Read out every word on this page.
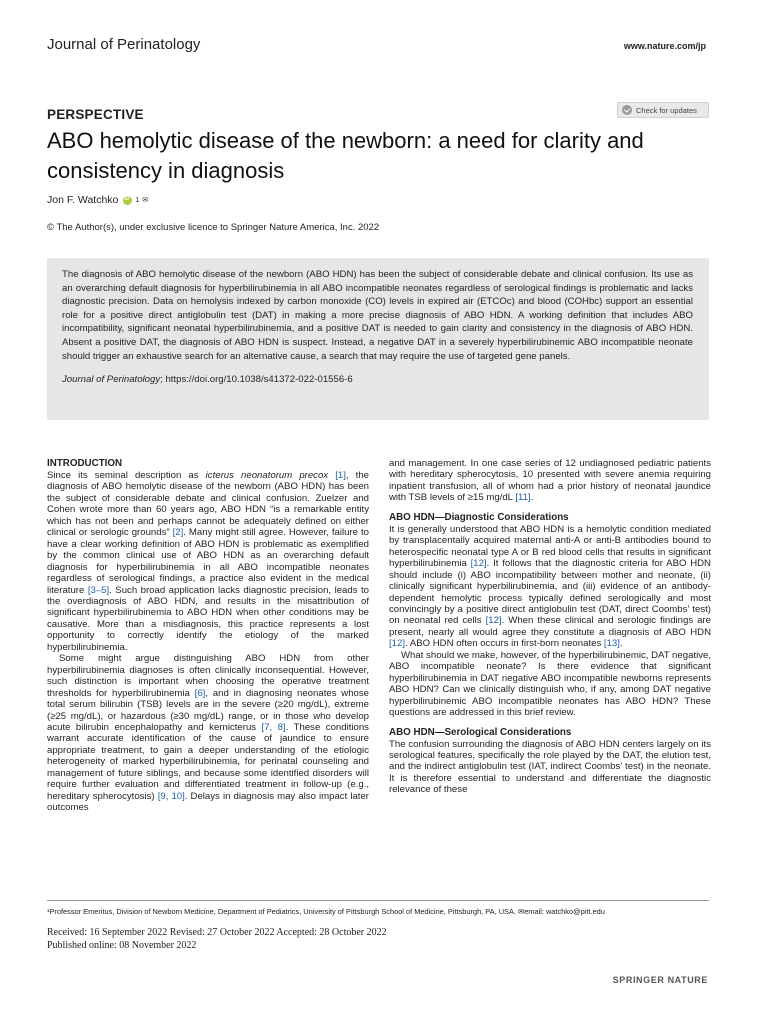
Journal of Perinatology	www.nature.com/jp
PERSPECTIVE	Check for updates
ABO hemolytic disease of the newborn: a need for clarity and consistency in diagnosis
Jon F. Watchko
iD 1 ✉
© The Author(s), under exclusive licence to Springer Nature America, Inc. 2022

The diagnosis of ABO hemolytic disease of the newborn (ABO HDN) has been the subject of considerable debate and clinical confusion. Its use as an overarching default diagnosis for hyperbilirubinemia in all ABO incompatible neonates regardless of serological findings is problematic and lacks diagnostic precision. Data on hemolysis indexed by carbon monoxide (CO) levels in expired air (ETCOc) and blood (COHbc) support an essential role for a positive direct antiglobulin test (DAT) in making a more precise diagnosis of ABO HDN. A working definition that includes ABO incompatibility, significant neonatal hyperbilirubinemia, and a positive DAT is needed to gain clarity and consistency in the diagnosis of ABO HDN. Absent a positive DAT, the diagnosis of ABO HDN is suspect. Instead, a negative DAT in a severely hyperbilirubinemic ABO incompatible neonate should trigger an exhaustive search for an alternative cause, a search that may require the use of targeted gene panels.

Journal of Perinatology; https://doi.org/10.1038/s41372-022-01556-6

INTRODUCTION

Since its seminal description as icterus neonatorum precox [1], the diagnosis of ABO hemolytic disease of the newborn (ABO HDN) has been the subject of considerable debate and clinical confusion. Zuelzer and Cohen wrote more than 60 years ago, ABO HDN “is a remarkable entity which has not been and perhaps cannot be adequately defined on either clinical or serologic grounds” [2]. Many might still agree. However, failure to have a clear working definition of ABO HDN is problematic as exemplified by the common clinical use of ABO HDN as an overarching default diagnosis for hyperbilirubinemia in all ABO incompatible neonates regardless of serological findings, a practice also evident in the medical literature [3–5]. Such broad application lacks diagnostic precision, leads to the overdiagnosis of ABO HDN, and results in the misattribution of significant hyperbilirubinemia to ABO HDN when other conditions may be causative. More than a misdiagnosis, this practice represents a lost opportunity to correctly identify the etiology of the marked hyperbilirubinemia.

Some might argue distinguishing ABO HDN from other hyperbilirubinemia diagnoses is often clinically inconsequential. However, such distinction is important when choosing the operative treatment thresholds for hyperbilirubinemia [6], and in diagnosing neonates whose total serum bilirubin (TSB) levels are in the severe (≥20 mg/dL), extreme (≥25 mg/dL), or hazardous (≥30 mg/dL) range, or in those who develop acute bilirubin encephalopathy and kernicterus [7, 8]. These conditions warrant accurate identification of the cause of jaundice to ensure appropriate treatment, to gain a deeper understanding of the etiologic heterogeneity of marked hyperbilirubinemia, for perinatal counseling and management of future siblings, and because some identified disorders will require further evaluation and differentiated treatment in follow-up (e.g., hereditary spherocytosis) [9, 10]. Delays in diagnosis may also impact later outcomes

and management. In one case series of 12 undiagnosed pediatric patients with hereditary spherocytosis, 10 presented with severe anemia requiring inpatient transfusion, all of whom had a prior history of neonatal jaundice with TSB levels of ≥15 mg/dL [11].

ABO HDN—Diagnostic Considerations

It is generally understood that ABO HDN is a hemolytic condition mediated by transplacentally acquired maternal anti-A or anti-B antibodies bound to heterospecific neonatal type A or B red blood cells that results in significant hyperbilirubinemia [12]. It follows that the diagnostic criteria for ABO HDN should include (i) ABO incompatibility between mother and neonate, (ii) clinically significant hyperbilirubinemia, and (iii) evidence of an antibody-dependent hemolytic process typically defined serologically and most convincingly by a positive direct antiglobulin test (DAT, direct Coombs’ test) on neonatal red cells [12]. When these clinical and serologic findings are present, nearly all would agree they constitute a diagnosis of ABO HDN [12]. ABO HDN often occurs in first-born neonates [13].

What should we make, however, of the hyperbilirubinemic, DAT negative, ABO incompatible neonate? Is there evidence that significant hyperbilirubinemia in DAT negative ABO incompatible newborns represents ABO HDN? Can we clinically distinguish who, if any, among DAT negative hyperbilirubinemic ABO incompatible neonates has ABO HDN? These questions are addressed in this brief review.

ABO HDN—Serological Considerations

The confusion surrounding the diagnosis of ABO HDN centers largely on its serological features, specifically the role played by the DAT, the elution test, and the indirect antiglobulin test (IAT, indirect Coombs’ test) in the neonate. It is therefore essential to understand and differentiate the diagnostic relevance of these

¹Professor Emeritus, Division of Newborn Medicine, Department of Pediatrics, University of Pittsburgh School of Medicine, Pittsburgh, PA, USA. ✉email: watchko@pitt.edu
Received: 16 September 2022 Revised: 27 October 2022 Accepted: 28 October 2022
Published online: 08 November 2022
SPRINGER NATURE
